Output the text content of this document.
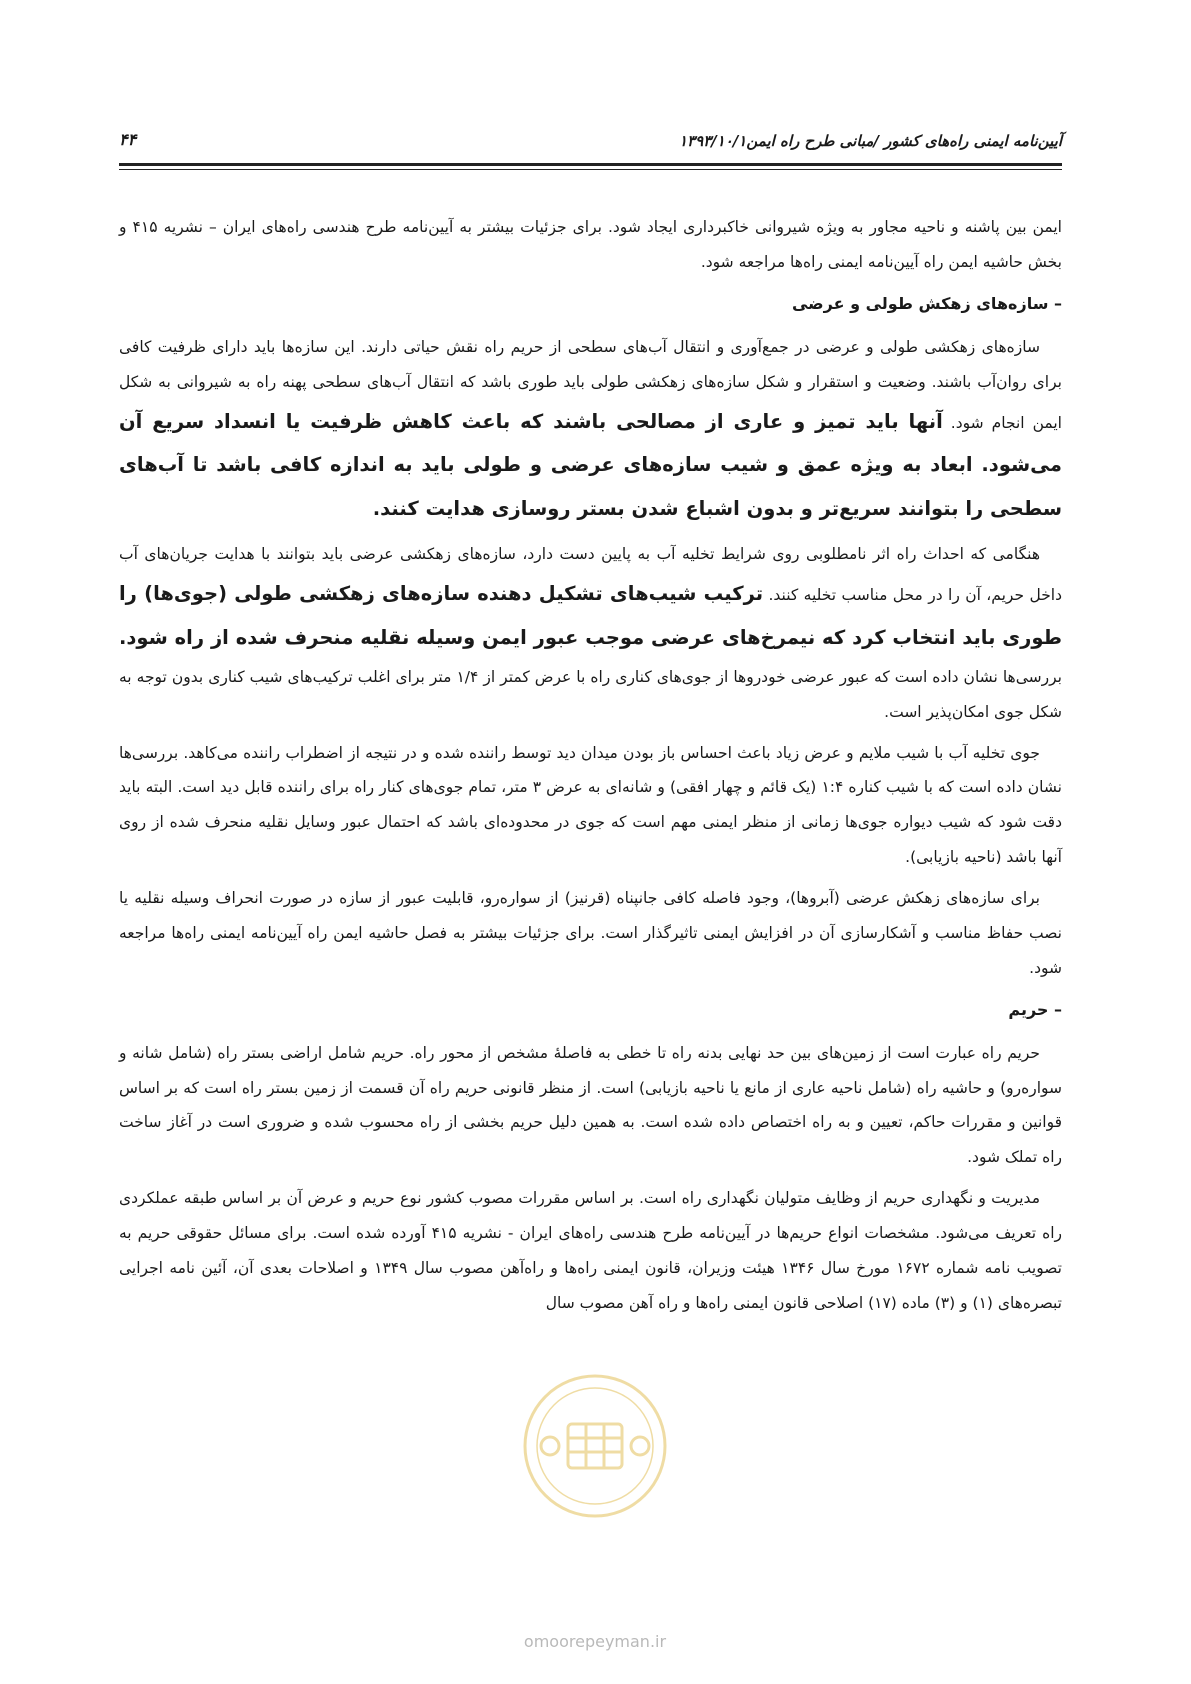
آیین‌نامه ایمنی راه‌های کشور /مبانی طرح راه ایمن
۱۳۹۳/۱۰/۱
۴۴

ایمن بین پاشنه و ناحیه مجاور به ویژه شیروانی خاکبرداری ایجاد شود. برای جزئیات بیشتر به آیین‌نامه طرح هندسی راه‌های ایران – نشریه ۴۱۵ و بخش حاشیه ایمن راه آیین‌نامه ایمنی راه‌ها مراجعه شود.

– سازه‌های زهکش طولی و عرضی

سازه‌های زهکشی طولی و عرضی در جمع‌آوری و انتقال آب‌های سطحی از حریم راه نقش حیاتی دارند. این سازه‌ها باید دارای ظرفیت کافی برای روان‌آب باشند. وضعیت و استقرار و شکل سازه‌های زهکشی طولی باید طوری باشد که انتقال آب‌های سطحی پهنه راه به شیروانی به شکل ایمن انجام شود. آنها باید تمیز و عاری از مصالحی باشند که باعث کاهش ظرفیت یا انسداد سریع آن می‌شود. ابعاد به ویژه عمق و شیب سازه‌های عرضی و طولی باید به اندازه کافی باشد تا آب‌های سطحی را بتوانند سریع‌تر و بدون اشباع شدن بستر روسازی هدایت کنند.

هنگامی که احداث راه اثر نامطلوبی روی شرایط تخلیه آب به پایین دست دارد، سازه‌های زهکشی عرضی باید بتوانند با هدایت جریان‌های آب داخل حریم، آن را در محل مناسب تخلیه کنند. ترکیب شیب‌های تشکیل دهنده سازه‌های زهکشی طولی (جوی‌ها) را طوری باید انتخاب کرد که نیمرخ‌های عرضی موجب عبور ایمن وسیله نقلیه منحرف شده از راه شود. بررسی‌ها نشان داده است که عبور عرضی خودروها از جوی‌های کناری راه با عرض کمتر از ۱/۴ متر برای اغلب ترکیب‌های شیب کناری بدون توجه به شکل جوی امکان‌پذیر است.

جوی تخلیه آب با شیب ملایم و عرض زیاد باعث احساس باز بودن میدان دید توسط راننده شده و در نتیجه از اضطراب راننده می‌کاهد. بررسی‌ها نشان داده است که با شیب کناره ۱:۴ (یک قائم و چهار افقی) و شانه‌ای به عرض ۳ متر، تمام جوی‌های کنار راه برای راننده قابل دید است. البته باید دقت شود که شیب دیواره جوی‌ها زمانی از منظر ایمنی مهم است که جوی در محدوده‌ای باشد که احتمال عبور وسایل نقلیه منحرف شده از روی آنها باشد (ناحیه بازیابی).

برای سازه‌های زهکش عرضی (آبروها)، وجود فاصله کافی جانپناه (قرنیز) از سواره‌رو، قابلیت عبور از سازه در صورت انحراف وسیله نقلیه یا نصب حفاظ مناسب و آشکارسازی آن در افزایش ایمنی تاثیرگذار است. برای جزئیات بیشتر به فصل حاشیه ایمن راه آیین‌نامه ایمنی راه‌ها مراجعه شود.

– حریم

حریم راه عبارت است از زمین‌های بین حد نهایی بدنه راه تا خطی به فاصلهٔ مشخص از محور راه. حریم شامل اراضی بستر راه (شامل شانه و سواره‌رو) و حاشیه راه (شامل ناحیه عاری از مانع یا ناحیه بازیابی) است. از منظر قانونی حریم راه آن قسمت از زمین بستر راه است که بر اساس قوانین و مقررات حاکم، تعیین و به راه اختصاص داده شده است. به همین دلیل حریم بخشی از راه محسوب شده و ضروری است در آغاز ساخت راه تملک شود.

مدیریت و نگهداری حریم از وظایف متولیان نگهداری راه است. بر اساس مقررات مصوب کشور نوع حریم و عرض آن بر اساس طبقه عملکردی راه تعریف می‌شود. مشخصات انواع حریم‌ها در آیین‌نامه طرح هندسی راه‌های ایران - نشریه ۴۱۵ آورده شده است. برای مسائل حقوقی حریم به تصویب نامه شماره ۱۶۷۲ مورخ سال ۱۳۴۶ هیئت وزیران، قانون ایمنی راه‌ها و راه‌آهن مصوب سال ۱۳۴۹ و اصلاحات بعدی آن، آئین نامه اجرایی تبصره‌های (۱) و (۳) ماده (۱۷) اصلاحی قانون ایمنی راه‌ها و راه آهن مصوب سال

omoorepeyman.ir
